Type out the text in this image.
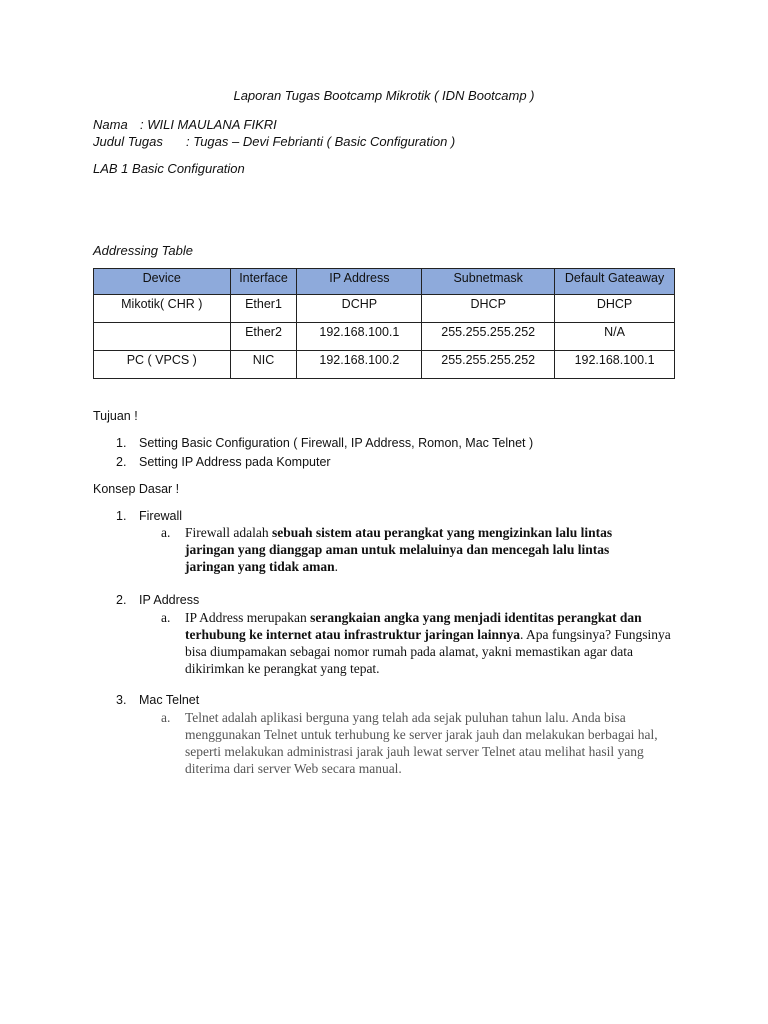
Laporan Tugas Bootcamp Mikrotik ( IDN Bootcamp )
Nama : WILI MAULANA FIKRI
Judul Tugas : Tugas – Devi Febrianti ( Basic Configuration )
LAB 1 Basic Configuration
Addressing Table
Device	Interface	IP Address	Subnetmask	Default Gateaway
Mikotik( CHR )	Ether1	DCHP	DHCP	DHCP
	Ether2	192.168.100.1	255.255.255.252	N/A
PC ( VPCS )	NIC	192.168.100.2	255.255.255.252	192.168.100.1
Tujuan !
1. Setting Basic Configuration ( Firewall, IP Address, Romon, Mac Telnet )
2. Setting IP Address pada Komputer
Konsep Dasar !
1. Firewall
a. Firewall adalah sebuah sistem atau perangkat yang mengizinkan lalu lintas jaringan yang dianggap aman untuk melaluinya dan mencegah lalu lintas jaringan yang tidak aman.
2. IP Address
a. IP Address merupakan serangkaian angka yang menjadi identitas perangkat dan terhubung ke internet atau infrastruktur jaringan lainnya. Apa fungsinya? Fungsinya bisa diumpamakan sebagai nomor rumah pada alamat, yakni memastikan agar data dikirimkan ke perangkat yang tepat.
3. Mac Telnet
a. Telnet adalah aplikasi berguna yang telah ada sejak puluhan tahun lalu. Anda bisa menggunakan Telnet untuk terhubung ke server jarak jauh dan melakukan berbagai hal, seperti melakukan administrasi jarak jauh lewat server Telnet atau melihat hasil yang diterima dari server Web secara manual.
